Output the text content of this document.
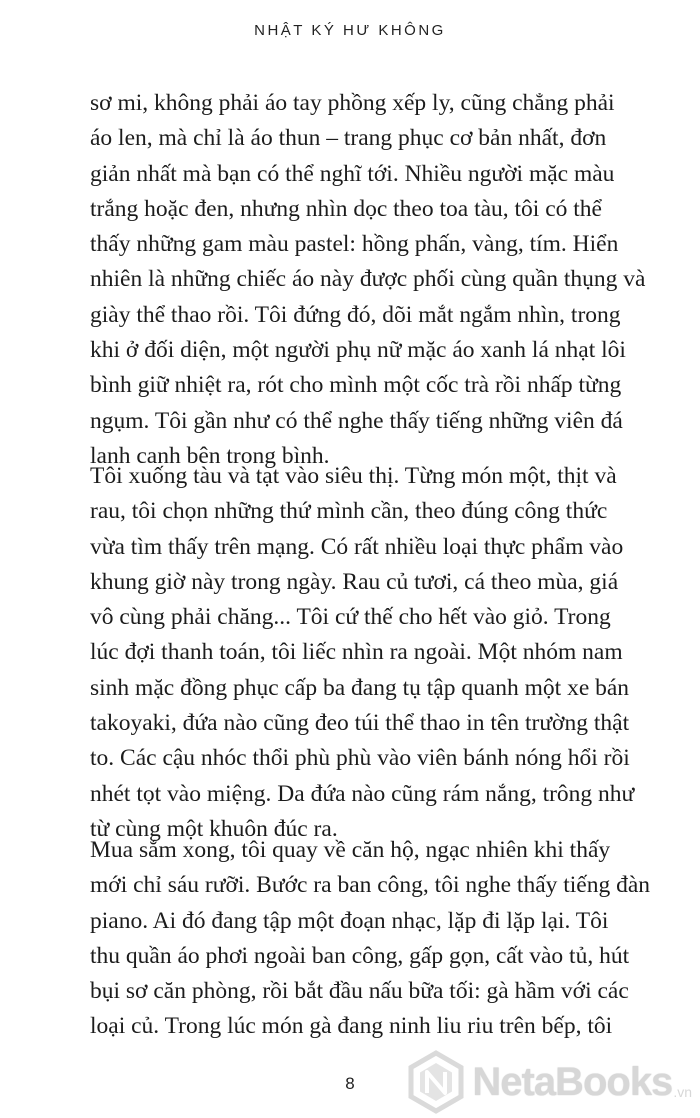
NHẬT KÝ HƯ KHÔNG
sơ mi, không phải áo tay phồng xếp ly, cũng chẳng phải
áo len, mà chỉ là áo thun – trang phục cơ bản nhất, đơn
giản nhất mà bạn có thể nghĩ tới. Nhiều người mặc màu
trắng hoặc đen, nhưng nhìn dọc theo toa tàu, tôi có thể
thấy những gam màu pastel: hồng phấn, vàng, tím. Hiển
nhiên là những chiếc áo này được phối cùng quần thụng và
giày thể thao rồi. Tôi đứng đó, dõi mắt ngắm nhìn, trong
khi ở đối diện, một người phụ nữ mặc áo xanh lá nhạt lôi
bình giữ nhiệt ra, rót cho mình một cốc trà rồi nhấp từng
ngụm. Tôi gần như có thể nghe thấy tiếng những viên đá
lanh canh bên trong bình.
Tôi xuống tàu và tạt vào siêu thị. Từng món một, thịt và
rau, tôi chọn những thứ mình cần, theo đúng công thức
vừa tìm thấy trên mạng. Có rất nhiều loại thực phẩm vào
khung giờ này trong ngày. Rau củ tươi, cá theo mùa, giá
vô cùng phải chăng... Tôi cứ thế cho hết vào giỏ. Trong
lúc đợi thanh toán, tôi liếc nhìn ra ngoài. Một nhóm nam
sinh mặc đồng phục cấp ba đang tụ tập quanh một xe bán
takoyaki, đứa nào cũng đeo túi thể thao in tên trường thật
to. Các cậu nhóc thổi phù phù vào viên bánh nóng hổi rồi
nhét tọt vào miệng. Da đứa nào cũng rám nắng, trông như
từ cùng một khuôn đúc ra.
Mua sắm xong, tôi quay về căn hộ, ngạc nhiên khi thấy
mới chỉ sáu rưỡi. Bước ra ban công, tôi nghe thấy tiếng đàn
piano. Ai đó đang tập một đoạn nhạc, lặp đi lặp lại. Tôi
thu quần áo phơi ngoài ban công, gấp gọn, cất vào tủ, hút
bụi sơ căn phòng, rồi bắt đầu nấu bữa tối: gà hầm với các
loại củ. Trong lúc món gà đang ninh liu riu trên bếp, tôi
8	NetaBooks .vn
